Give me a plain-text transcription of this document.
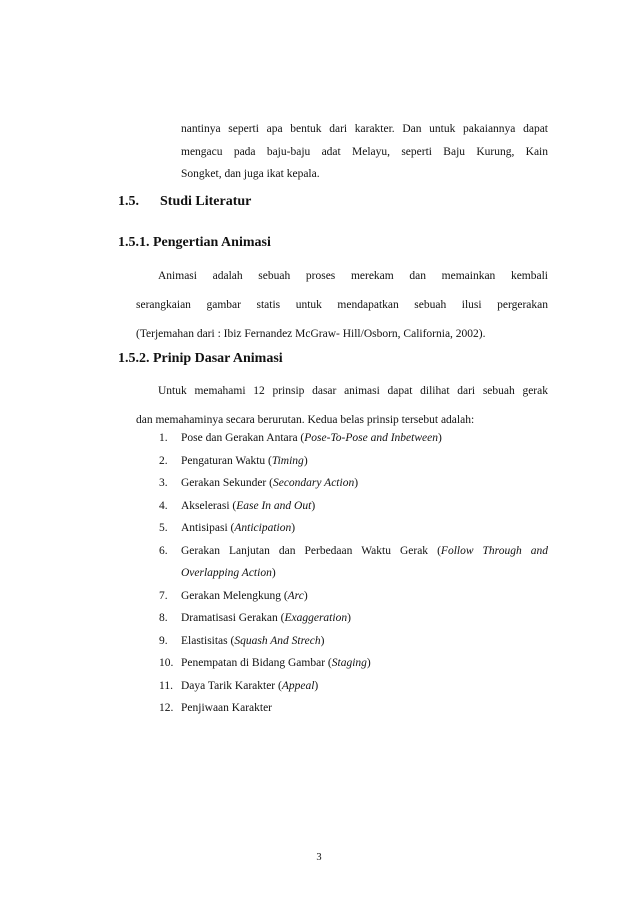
nantinya seperti apa bentuk dari karakter. Dan untuk pakaiannya dapat
mengacu pada baju-baju adat Melayu, seperti Baju Kurung, Kain
Songket, dan juga ikat kepala.
1.5. Studi Literatur
1.5.1. Pengertian Animasi
Animasi adalah sebuah proses merekam dan memainkan kembali
serangkaian gambar statis untuk mendapatkan sebuah ilusi pergerakan
(Terjemahan dari : Ibiz Fernandez McGraw- Hill/Osborn, California, 2002).
1.5.2. Prinip Dasar Animasi
Untuk memahami 12 prinsip dasar animasi dapat dilihat dari sebuah gerak
dan memahaminya secara berurutan. Kedua belas prinsip tersebut adalah:
1. Pose dan Gerakan Antara (Pose-To-Pose and Inbetween)
2. Pengaturan Waktu (Timing)
3. Gerakan Sekunder (Secondary Action)
4. Akselerasi (Ease In and Out)
5. Antisipasi (Anticipation)
6. Gerakan Lanjutan dan Perbedaan Waktu Gerak (Follow Through and Overlapping Action)
7. Gerakan Melengkung (Arc)
8. Dramatisasi Gerakan (Exaggeration)
9. Elastisitas (Squash And Strech)
10. Penempatan di Bidang Gambar (Staging)
11. Daya Tarik Karakter (Appeal)
12. Penjiwaan Karakter
3
